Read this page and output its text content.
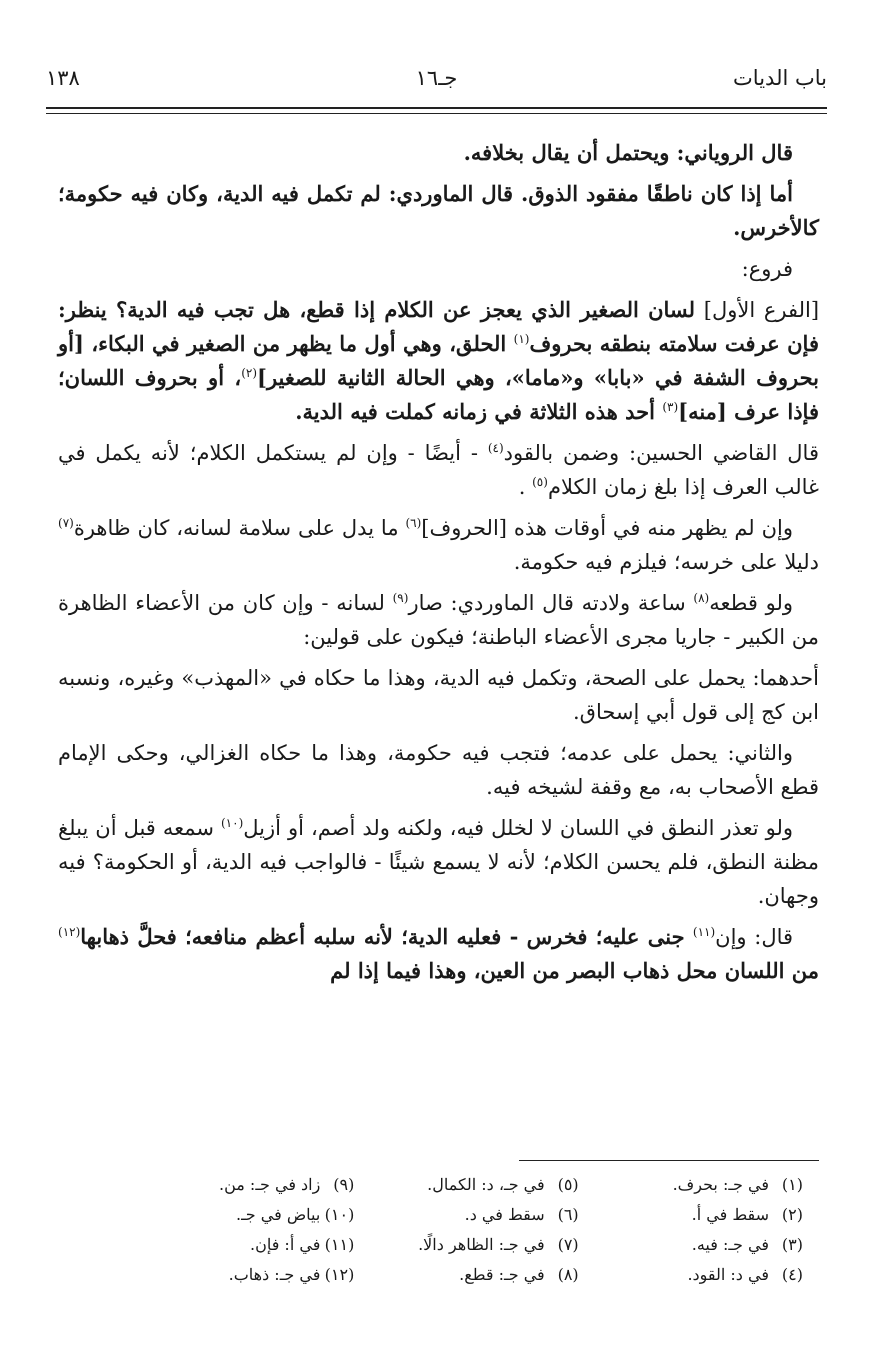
باب الديات
جـ١٦
١٣٨

قال الروياني: ويحتمل أن يقال بخلافه.

أما إذا كان ناطقًا مفقود الذوق. قال الماوردي: لم تكمل فيه الدية، وكان فيه حكومة؛ كالأخرس.

فروع:

[الفرع الأول] لسان الصغير الذي يعجز عن الكلام إذا قطع، هل تجب فيه الدية؟ ينظر: فإن عرفت سلامته بنطقه بحروف$^{(١)}$ الحلق، وهي أول ما يظهر من الصغير في البكاء، [أو بحروف الشفة في «بابا» و«ماما»، وهي الحالة الثانية للصغير]$^{(٢)}$، أو بحروف اللسان؛ فإذا عرف [منه]$^{(٣)}$ أحد هذه الثلاثة في زمانه كملت فيه الدية.

قال القاضي الحسين: وضمن بالقود$^{(٤)}$ - أيضًا - وإن لم يستكمل الكلام؛ لأنه يكمل في غالب العرف إذا بلغ زمان الكلام$^{(٥)}$ .

وإن لم يظهر منه في أوقات هذه [الحروف]$^{(٦)}$ ما يدل على سلامة لسانه، كان ظاهرة$^{(٧)}$ دليلا على خرسه؛ فيلزم فيه حكومة.

ولو قطعه$^{(٨)}$ ساعة ولادته قال الماوردي: صار$^{(٩)}$ لسانه - وإن كان من الأعضاء الظاهرة من الكبير - جاريا مجرى الأعضاء الباطنة؛ فيكون على قولين:

أحدهما: يحمل على الصحة، وتكمل فيه الدية، وهذا ما حكاه في «المهذب» وغيره، ونسبه ابن كج إلى قول أبي إسحاق.

والثاني: يحمل على عدمه؛ فتجب فيه حكومة، وهذا ما حكاه الغزالي، وحكى الإمام قطع الأصحاب به، مع وقفة لشيخه فيه.

ولو تعذر النطق في اللسان لا لخلل فيه، ولكنه ولد أصم، أو أزيل$^{(١٠)}$ سمعه قبل أن يبلغ مظنة النطق، فلم يحسن الكلام؛ لأنه لا يسمع شيئًا - فالواجب فيه الدية، أو الحكومة؟ فيه وجهان.

قال: وإن$^{(١١)}$ جنى عليه؛ فخرس - فعليه الدية؛ لأنه سلبه أعظم منافعه؛ فحلَّ ذهابها$^{(١٢)}$ من اللسان محل ذهاب البصر من العين، وهذا فيما إذا لم

(١)في جـ: بحرف.
(٢)سقط في أ.
(٣)في جـ: فيه.
(٤)في د: القود.
(٥)في جـ، د: الكمال.
(٦)سقط في د.
(٧)في جـ: الظاهر دالًا.
(٨)في جـ: قطع.
(٩)زاد في جـ: من.
(١٠)بياض في جـ.
(١١)في أ: فإن.
(١٢)في جـ: ذهاب.
